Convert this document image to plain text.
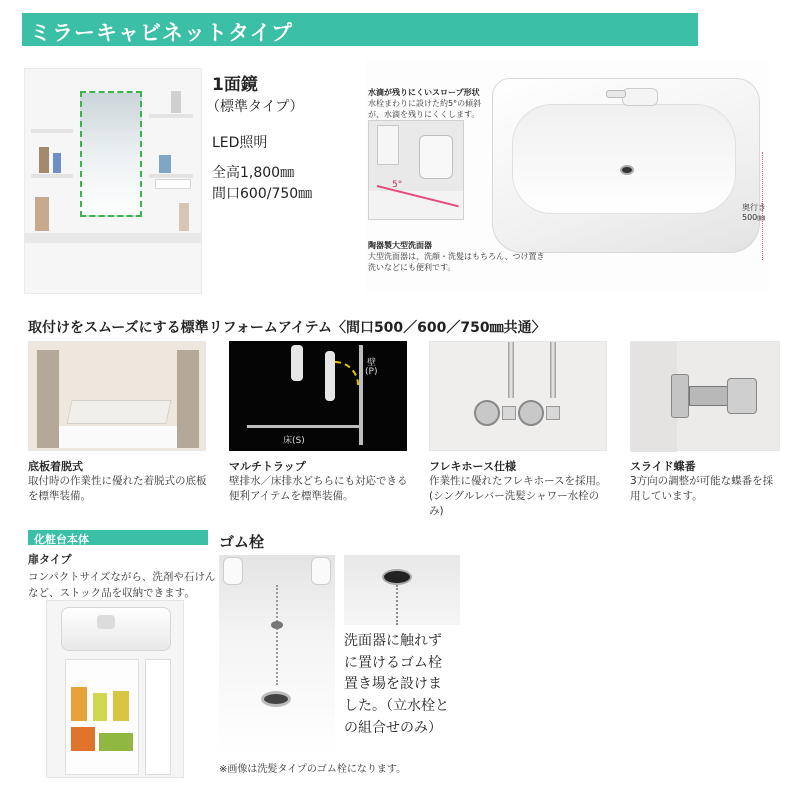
ミラーキャビネットタイプ
1面鏡
（標準タイプ）
LED照明
全高1,800㎜
間口600/750㎜
水滴が残りにくいスロープ形状
水栓まわりに設けた約5°の傾斜
が、水滴を残りにくくします。
5°
奥行き
500㎜
陶器製大型洗面器
大型洗面器は、洗顔・洗髪はもちろん、つけ置き
洗いなどにも便利です。
取付けをスムーズにする標準リフォームアイテム〈間口500／600／750㎜共通〉
底板着脱式
取付時の作業性に優れた着脱式の底板を標準装備。
壁
(P)
床(S)
マルチトラップ
壁排水／床排水どちらにも対応できる便利アイテムを標準装備。
フレキホース仕様
作業性に優れたフレキホースを採用。(シングルレバー洗髪シャワー水栓のみ)
スライド蝶番
3方向の調整が可能な蝶番を採用しています。
化粧台本体
扉タイプ
コンパクトサイズながら、洗剤や石けん
など、ストック品を収納できます。
ゴム栓
洗面器に触れず
に置けるゴム栓
置き場を設けま
した。（立水栓と
の組合せのみ）
※画像は洗髪タイプのゴム栓になります。
